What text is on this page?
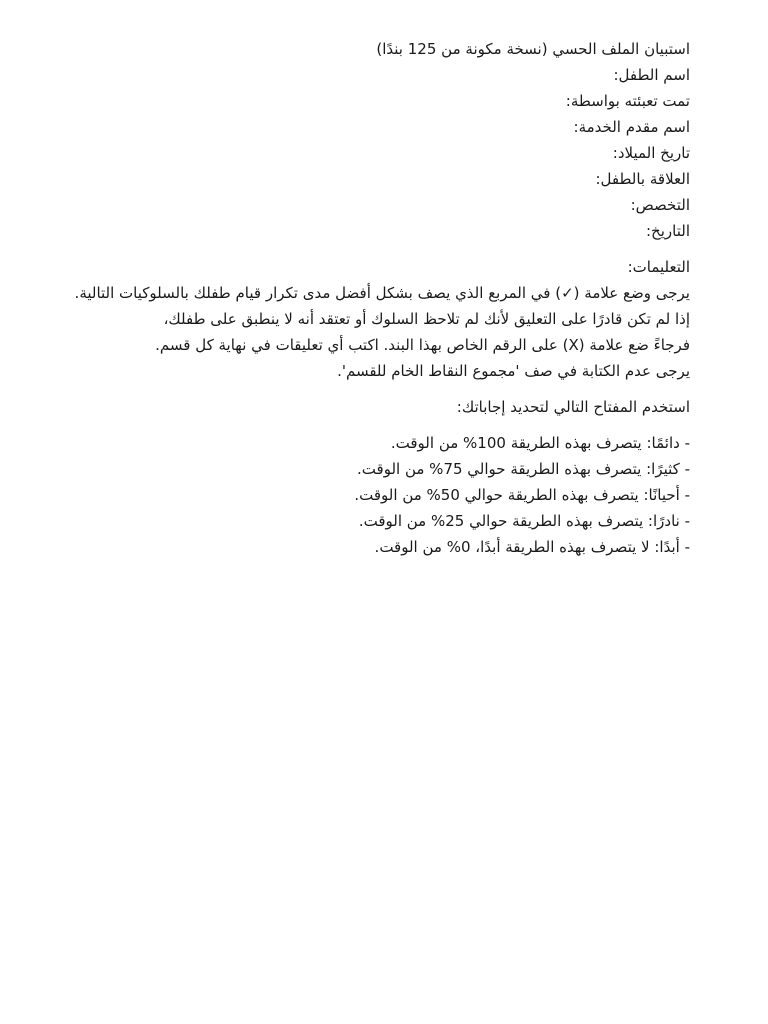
استبيان الملف الحسي (نسخة مكونة من 125 بندًا)
اسم الطفل:
تمت تعبئته بواسطة:
اسم مقدم الخدمة:
تاريخ الميلاد:
العلاقة بالطفل:
التخصص:
التاريخ:
التعليمات:
يرجى وضع علامة (✓) في المربع الذي يصف بشكل أفضل مدى تكرار قيام طفلك بالسلوكيات التالية.
إذا لم تكن قادرًا على التعليق لأنك لم تلاحظ السلوك أو تعتقد أنه لا ينطبق على طفلك،
فرجاءً ضع علامة (X) على الرقم الخاص بهذا البند. اكتب أي تعليقات في نهاية كل قسم.
يرجى عدم الكتابة في صف 'مجموع النقاط الخام للقسم'.
استخدم المفتاح التالي لتحديد إجاباتك:
- دائمًا: يتصرف بهذه الطريقة 100% من الوقت.
- كثيرًا: يتصرف بهذه الطريقة حوالي 75% من الوقت.
- أحيانًا: يتصرف بهذه الطريقة حوالي 50% من الوقت.
- نادرًا: يتصرف بهذه الطريقة حوالي 25% من الوقت.
- أبدًا: لا يتصرف بهذه الطريقة أبدًا، 0% من الوقت.
